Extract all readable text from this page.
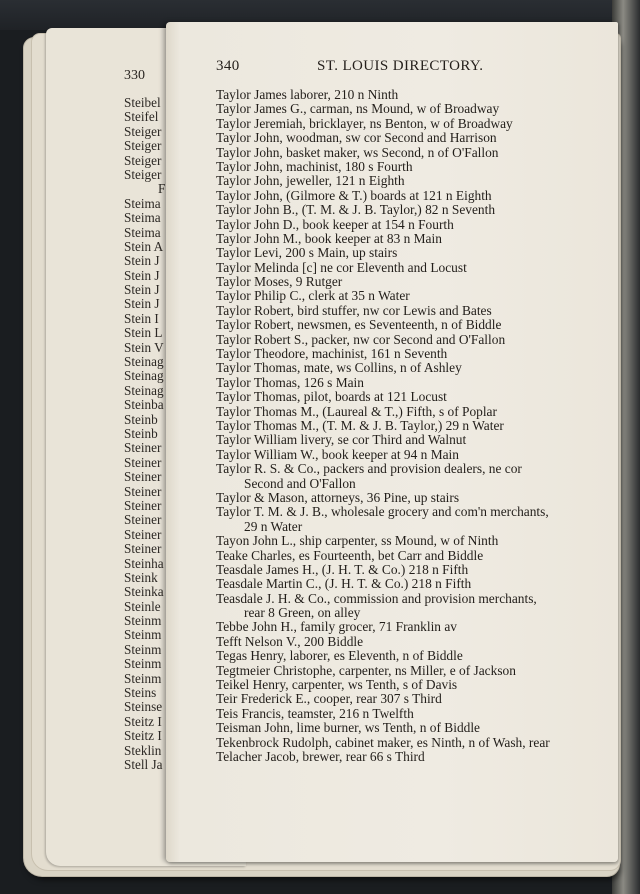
330
Steibel
Steifel
Steiger
Steiger
Steiger
Steiger
F
Steima
Steima
Steima
Stein A
Stein J
Stein J
Stein J
Stein J
Stein I
Stein L
Stein V
Steinag
Steinag
Steinag
Steinba
Steinb
Steinb
Steiner
Steiner
Steiner
Steiner
Steiner
Steiner
Steiner
Steiner
Steinha
Steink
Steinka
Steinle
Steinm
Steinm
Steinm
Steinm
Steinm
Steins
Steinse
Steitz I
Steitz I
Steklin
Stell Ja
340	ST. LOUIS DIRECTORY.
Taylor James laborer, 210 n Ninth
Taylor James G., carman, ns Mound, w of Broadway
Taylor Jeremiah, bricklayer, ns Benton, w of Broadway
Taylor John, woodman, sw cor Second and Harrison
Taylor John, basket maker, ws Second, n of O'Fallon
Taylor John, machinist, 180 s Fourth
Taylor John, jeweller, 121 n Eighth
Taylor John, (Gilmore & T.) boards at 121 n Eighth
Taylor John B., (T. M. & J. B. Taylor,) 82 n Seventh
Taylor John D., book keeper at 154 n Fourth
Taylor John M., book keeper at 83 n Main
Taylor Levi, 200 s Main, up stairs
Taylor Melinda [c] ne cor Eleventh and Locust
Taylor Moses, 9 Rutger
Taylor Philip C., clerk at 35 n Water
Taylor Robert, bird stuffer, nw cor Lewis and Bates
Taylor Robert, newsmen, es Seventeenth, n of Biddle
Taylor Robert S., packer, nw cor Second and O'Fallon
Taylor Theodore, machinist, 161 n Seventh
Taylor Thomas, mate, ws Collins, n of Ashley
Taylor Thomas, 126 s Main
Taylor Thomas, pilot, boards at 121 Locust
Taylor Thomas M., (Laureal & T.,) Fifth, s of Poplar
Taylor Thomas M., (T. M. & J. B. Taylor,) 29 n Water
Taylor William livery, se cor Third and Walnut
Taylor William W., book keeper at 94 n Main
Taylor R. S. & Co., packers and provision dealers, ne cor
Second and O'Fallon
Taylor & Mason, attorneys, 36 Pine, up stairs
Taylor T. M. & J. B., wholesale grocery and com'n merchants,
29 n Water
Tayon John L., ship carpenter, ss Mound, w of Ninth
Teake Charles, es Fourteenth, bet Carr and Biddle
Teasdale James H., (J. H. T. & Co.) 218 n Fifth
Teasdale Martin C., (J. H. T. & Co.) 218 n Fifth
Teasdale J. H. & Co., commission and provision merchants,
rear 8 Green, on alley
Tebbe John H., family grocer, 71 Franklin av
Tefft Nelson V., 200 Biddle
Tegas Henry, laborer, es Eleventh, n of Biddle
Tegtmeier Christophe, carpenter, ns Miller, e of Jackson
Teikel Henry, carpenter, ws Tenth, s of Davis
Teir Frederick E., cooper, rear 307 s Third
Teis Francis, teamster, 216 n Twelfth
Teisman John, lime burner, ws Tenth, n of Biddle
Tekenbrock Rudolph, cabinet maker, es Ninth, n of Wash, rear
Telacher Jacob, brewer, rear 66 s Third
